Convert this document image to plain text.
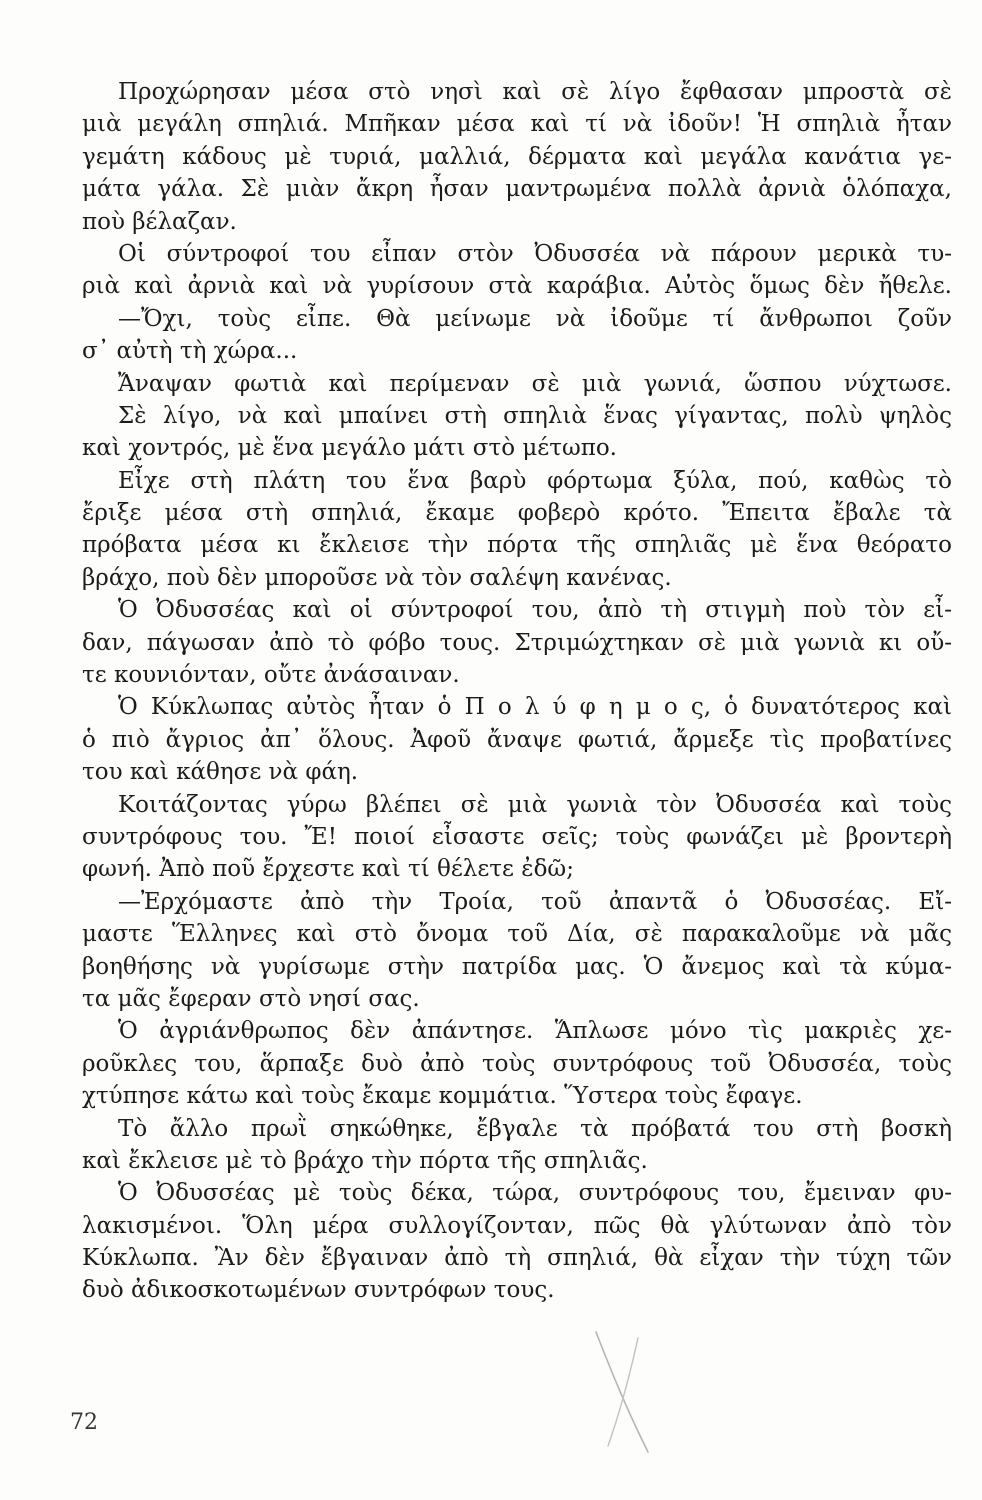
Προχώρησαν μέσα στὸ νησὶ καὶ σὲ λίγο ἔφθασαν μπροστὰ σὲ
μιὰ μεγάλη σπηλιά. Μπῆκαν μέσα καὶ τί νὰ ἰδοῦν! Ἡ σπηλιὰ ἦταν
γεμάτη κάδους μὲ τυριά, μαλλιά, δέρματα καὶ μεγάλα κανάτια γε-
μάτα γάλα. Σὲ μιὰν ἄκρη ἦσαν μαντρωμένα πολλὰ ἀρνιὰ ὁλόπαχα,
ποὺ βέλαζαν.
Οἱ σύντροφοί του εἶπαν στὸν Ὀδυσσέα νὰ πάρουν μερικὰ τυ-
ριὰ καὶ ἀρνιὰ καὶ νὰ γυρίσουν στὰ καράβια. Αὐτὸς ὅμως δὲν ἤθελε.
—Ὄχι, τοὺς εἶπε. Θὰ μείνωμε νὰ ἰδοῦμε τί ἄνθρωποι ζοῦν
σ᾿ αὐτὴ τὴ χώρα...
Ἄναψαν φωτιὰ καὶ περίμεναν σὲ μιὰ γωνιά, ὥσπου νύχτωσε.
Σὲ λίγο, νὰ καὶ μπαίνει στὴ σπηλιὰ ἕνας γίγαντας, πολὺ ψηλὸς
καὶ χοντρός, μὲ ἕνα μεγάλο μάτι στὸ μέτωπο.
Εἶχε στὴ πλάτη του ἕνα βαρὺ φόρτωμα ξύλα, πού, καθὼς τὸ
ἔριξε μέσα στὴ σπηλιά, ἔκαμε φοβερὸ κρότο. Ἔπειτα ἔβαλε τὰ
πρόβατα μέσα κι ἔκλεισε τὴν πόρτα τῆς σπηλιᾶς μὲ ἕνα θεόρατο
βράχο, ποὺ δὲν μποροῦσε νὰ τὸν σαλέψη κανένας.
Ὁ Ὀδυσσέας καὶ οἱ σύντροφοί του, ἀπὸ τὴ στιγμὴ ποὺ τὸν εἶ-
δαν, πάγωσαν ἀπὸ τὸ φόβο τους. Στριμώχτηκαν σὲ μιὰ γωνιὰ κι οὔ-
τε κουνιόνταν, οὔτε ἀνάσαιναν.
Ὁ Κύκλωπας αὐτὸς ἦταν ὁ Π ο λ ύ φ η μ ο ς, ὁ δυνατότερος καὶ
ὁ πιὸ ἄγριος ἀπ᾿ ὅλους. Ἀφοῦ ἄναψε φωτιά, ἄρμεξε τὶς προβατίνες
του καὶ κάθησε νὰ φάη.
Κοιτάζοντας γύρω βλέπει σὲ μιὰ γωνιὰ τὸν Ὀδυσσέα καὶ τοὺς
συντρόφους του. Ἔ! ποιοί εἶσαστε σεῖς; τοὺς φωνάζει μὲ βροντερὴ
φωνή. Ἀπὸ ποῦ ἔρχεστε καὶ τί θέλετε ἐδῶ;
—Ἐρχόμαστε ἀπὸ τὴν Τροία, τοῦ ἀπαντᾶ ὁ Ὀδυσσέας. Εἴ-
μαστε Ἕλληνες καὶ στὸ ὄνομα τοῦ Δία, σὲ παρακαλοῦμε νὰ μᾶς
βοηθήσης νὰ γυρίσωμε στὴν πατρίδα μας. Ὁ ἄνεμος καὶ τὰ κύμα-
τα μᾶς ἔφεραν στὸ νησί σας.
Ὁ ἀγριάνθρωπος δὲν ἀπάντησε. Ἅπλωσε μόνο τὶς μακριὲς χε-
ροῦκλες του, ἅρπαξε δυὸ ἀπὸ τοὺς συντρόφους τοῦ Ὀδυσσέα, τοὺς
χτύπησε κάτω καὶ τοὺς ἔκαμε κομμάτια. Ὕστερα τοὺς ἔφαγε.
Τὸ ἄλλο πρωῒ σηκώθηκε, ἔβγαλε τὰ πρόβατά του στὴ βοσκὴ
καὶ ἔκλεισε μὲ τὸ βράχο τὴν πόρτα τῆς σπηλιᾶς.
Ὁ Ὀδυσσέας μὲ τοὺς δέκα, τώρα, συντρόφους του, ἔμειναν φυ-
λακισμένοι. Ὅλη μέρα συλλογίζονταν, πῶς θὰ γλύτωναν ἀπὸ τὸν
Κύκλωπα. Ἂν δὲν ἔβγαιναν ἀπὸ τὴ σπηλιά, θὰ εἶχαν τὴν τύχη τῶν
δυὸ ἀδικοσκοτωμένων συντρόφων τους.
72
